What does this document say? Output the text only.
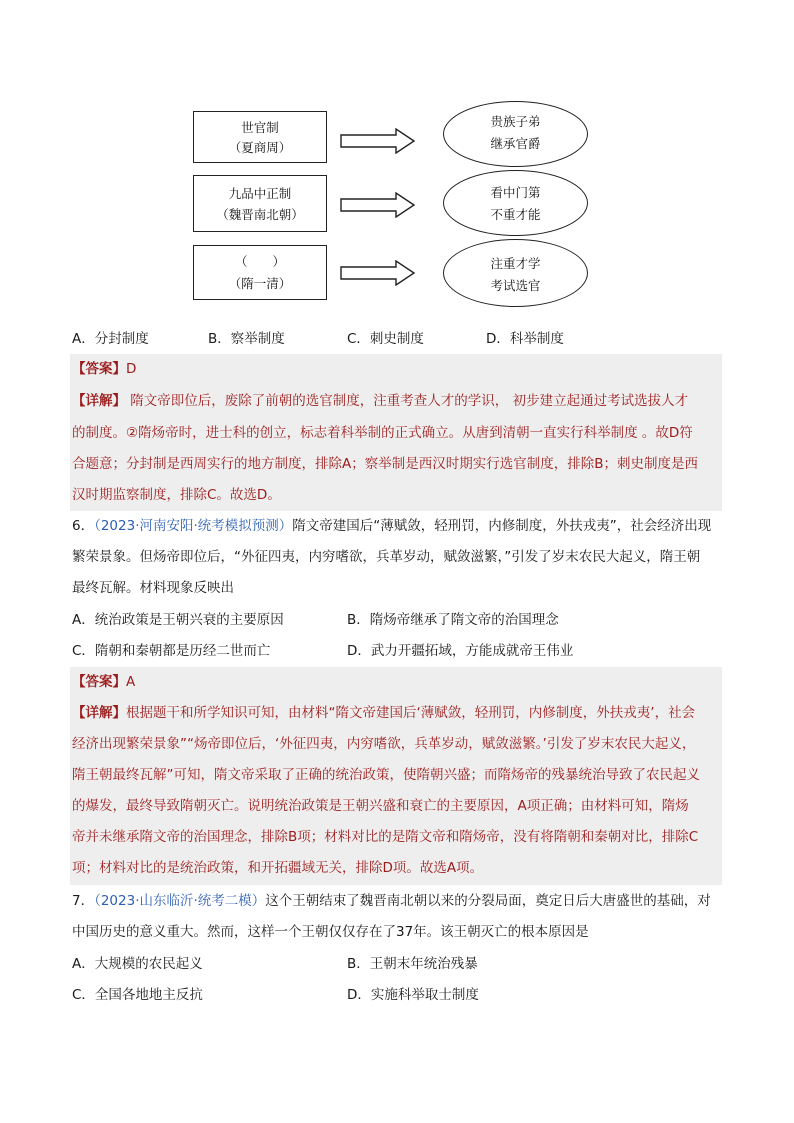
世官制
（夏商周）
贵族子弟
继承官爵
九品中正制
（魏晋南北朝）
看中门第
不重才能
（　　）
（隋一清）
注重才学
考试选官
A．分封制度	B．察举制度	C．刺史制度	D．科举制度
【答案】D
【详解】 隋文帝即位后，废除了前朝的选官制度，注重考查人才的学识， 初步建立起通过考试选拔人才
的制度。②隋炀帝时，进士科的创立，标志着科举制的正式确立。从唐到清朝一直实行科举制度 。故D符
合题意；分封制是西周实行的地方制度，排除A；察举制是西汉时期实行选官制度，排除B；刺史制度是西
汉时期监察制度，排除C。故选D。
6．（2023·河南安阳·统考模拟预测）隋文帝建国后“薄赋敛，轻刑罚，内修制度，外扶戎夷”，社会经济出现
繁荣景象。但炀帝即位后，“外征四夷，内穷嗜欲，兵革岁动，赋敛滋繁，”引发了岁末农民大起义，隋王朝
最终瓦解。材料现象反映出
A．统治政策是王朝兴衰的主要原因	B．隋炀帝继承了隋文帝的治国理念
C．隋朝和秦朝都是历经二世而亡	D．武力开疆拓域，方能成就帝王伟业
【答案】A
【详解】根据题干和所学知识可知，由材料“隋文帝建国后‘薄赋敛，轻刑罚，内修制度，外扶戎夷’，社会
经济出现繁荣景象”“炀帝即位后，‘外征四夷，内穷嗜欲，兵革岁动，赋敛滋繁。’引发了岁末农民大起义，
隋王朝最终瓦解”可知，隋文帝采取了正确的统治政策，使隋朝兴盛；而隋炀帝的残暴统治导致了农民起义
的爆发，最终导致隋朝灭亡。说明统治政策是王朝兴盛和衰亡的主要原因，A项正确；由材料可知，隋炀
帝并未继承隋文帝的治国理念，排除B项；材料对比的是隋文帝和隋炀帝，没有将隋朝和秦朝对比，排除C
项；材料对比的是统治政策，和开拓疆域无关，排除D项。故选A项。
7．（2023·山东临沂·统考二模）这个王朝结束了魏晋南北朝以来的分裂局面，奠定日后大唐盛世的基础，对
中国历史的意义重大。然而，这样一个王朝仅仅存在了37年。该王朝灭亡的根本原因是
A．大规模的农民起义	B．王朝末年统治残暴
C．全国各地地主反抗	D．实施科举取士制度
